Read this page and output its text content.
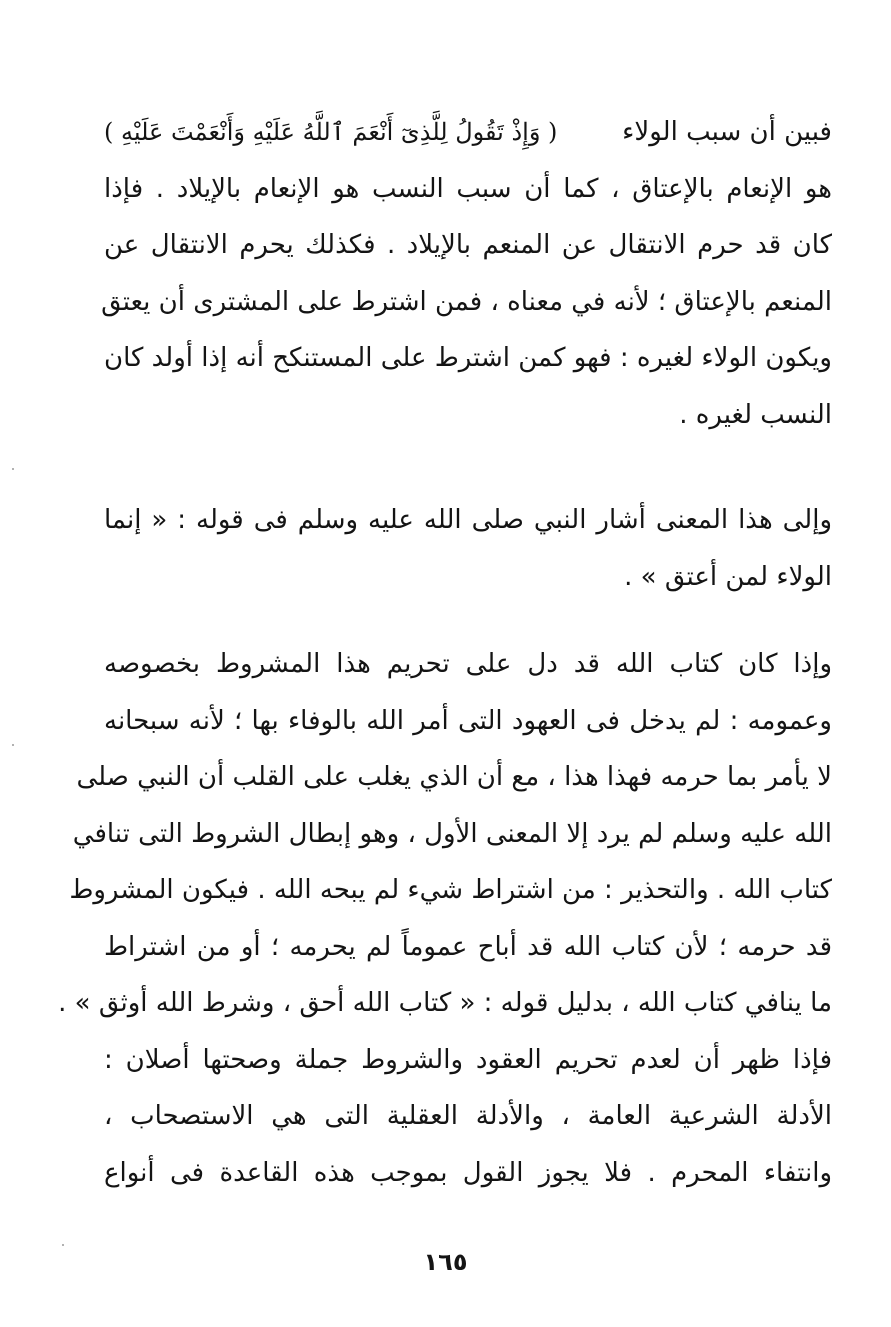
فبين أن سبب الولاء
( وَإِذْ تَقُولُ لِلَّذِىٓ أَنْعَمَ ٱللَّهُ عَلَيْهِ وَأَنْعَمْتَ عَلَيْهِ )
هو الإنعام بالإعتاق ، كما أن سبب النسب هو الإنعام بالإيلاد . فإذا
كان قد حرم الانتقال عن المنعم بالإيلاد . فكذلك يحرم الانتقال عن
المنعم بالإعتاق ؛ لأنه في معناه ، فمن اشترط على المشترى أن يعتق
ويكون الولاء لغيره : فهو كمن اشترط على المستنكح أنه إذا أولد كان
النسب لغيره .
وإلى هذا المعنى أشار النبي صلى الله عليه وسلم فى قوله : « إنما
الولاء لمن أعتق » .
وإذا كان كتاب الله قد دل على تحريم هذا المشروط بخصوصه
وعمومه : لم يدخل فى العهود التى أمر الله بالوفاء بها ؛ لأنه سبحانه
لا يأمر بما حرمه فهذا هذا ، مع أن الذي يغلب على القلب أن النبي صلى
الله عليه وسلم لم يرد إلا المعنى الأول ، وهو إبطال الشروط التى تنافي
كتاب الله . والتحذير : من اشتراط شيء لم يبحه الله . فيكون المشروط
قد حرمه ؛ لأن كتاب الله قد أباح عموماً لم يحرمه ؛ أو من اشتراط
ما ينافي كتاب الله ، بدليل قوله : « كتاب الله أحق ، وشرط الله أوثق » .
فإذا ظهر أن لعدم تحريم العقود والشروط جملة وصحتها أصلان :
الأدلة الشرعية العامة ، والأدلة العقلية التى هي الاستصحاب ،
وانتفاء المحرم . فلا يجوز القول بموجب هذه القاعدة فى أنواع
١٦٥
